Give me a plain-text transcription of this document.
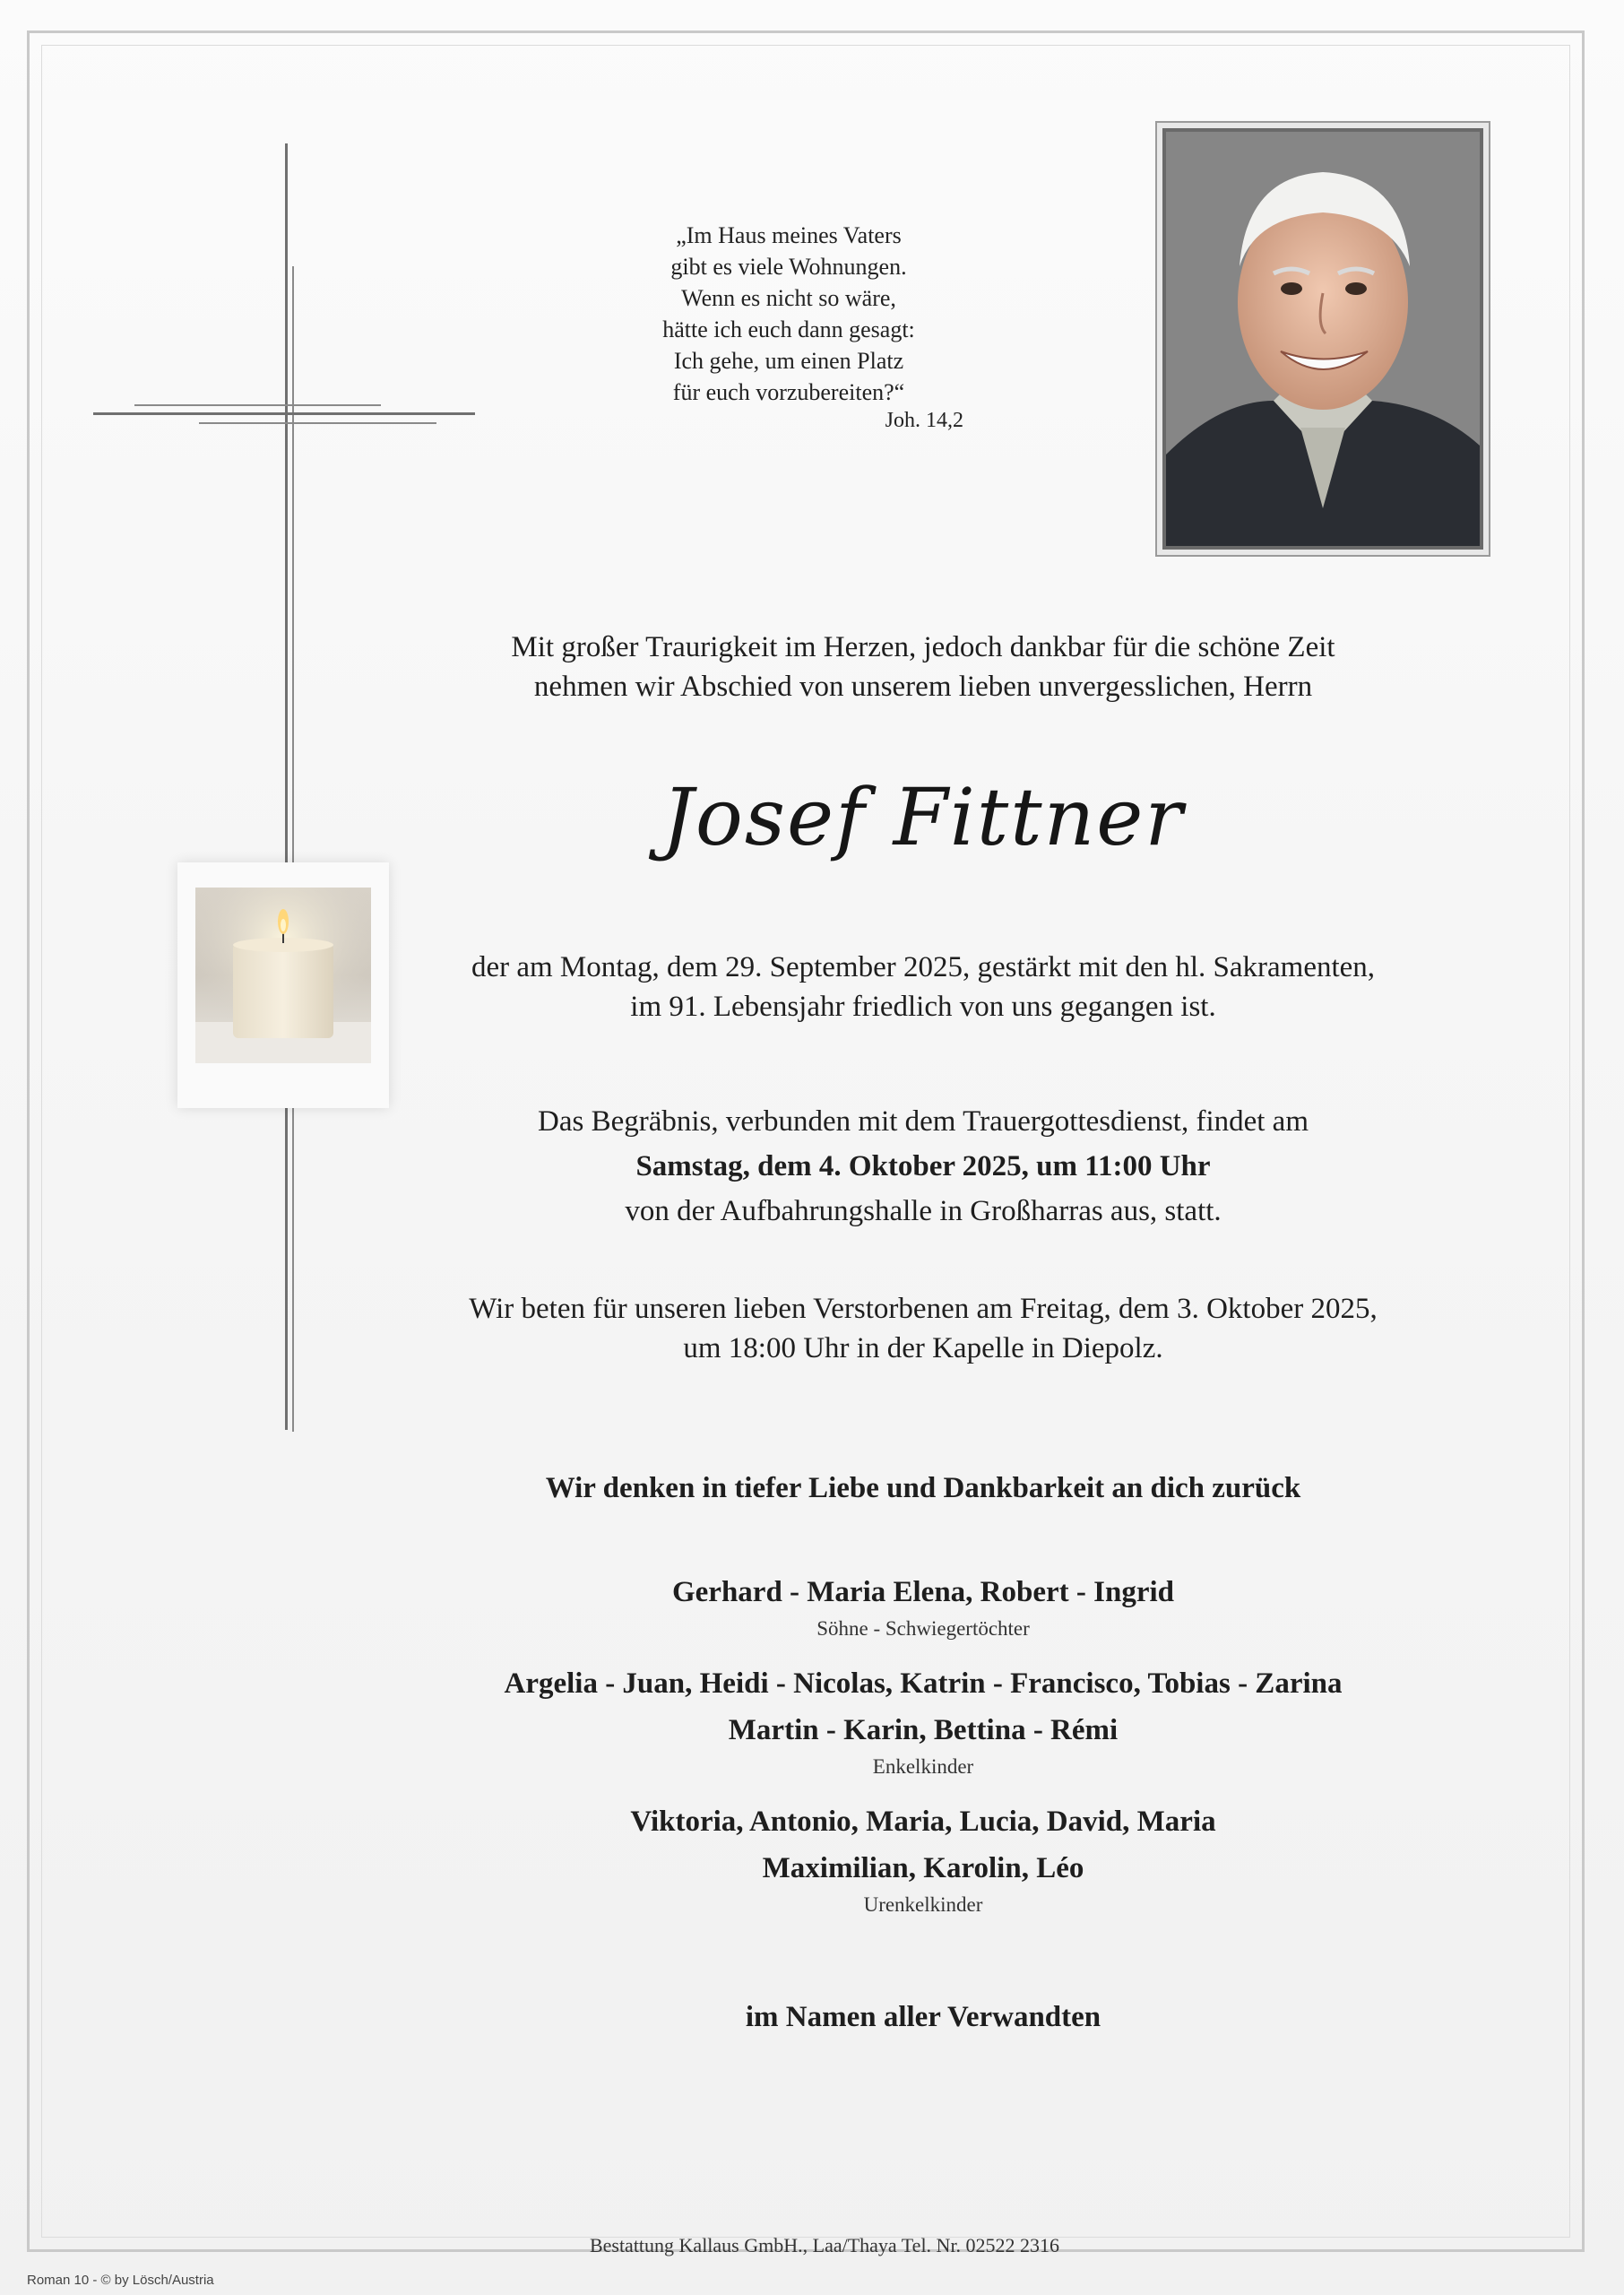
„Im Haus meines Vaters
gibt es viele Wohnungen.
Wenn es nicht so wäre,
hätte ich euch dann gesagt:
Ich gehe, um einen Platz
für euch vorzubereiten?“
Joh. 14,2
Mit großer Traurigkeit im Herzen, jedoch dankbar für die schöne Zeit
nehmen wir Abschied von unserem lieben unvergesslichen, Herrn
Josef Fittner
der am Montag, dem 29. September 2025, gestärkt mit den hl. Sakramenten,
im 91. Lebensjahr friedlich von uns gegangen ist.
Das Begräbnis, verbunden mit dem Trauergottesdienst, findet am
Samstag, dem 4. Oktober 2025, um 11:00 Uhr
von der Aufbahrungshalle in Großharras aus, statt.
Wir beten für unseren lieben Verstorbenen am Freitag, dem 3. Oktober 2025,
um 18:00 Uhr in der Kapelle in Diepolz.
Wir denken in tiefer Liebe und Dankbarkeit an dich zurück
Gerhard - Maria Elena, Robert - Ingrid
Söhne - Schwiegertöchter
Argelia - Juan, Heidi - Nicolas, Katrin - Francisco, Tobias - Zarina
Martin - Karin, Bettina - Rémi
Enkelkinder
Viktoria, Antonio, Maria, Lucia, David, Maria
Maximilian, Karolin, Léo
Urenkelkinder
im Namen aller Verwandten
Bestattung Kallaus GmbH., Laa/Thaya Tel. Nr. 02522 2316
Roman 10 - © by Lösch/Austria
